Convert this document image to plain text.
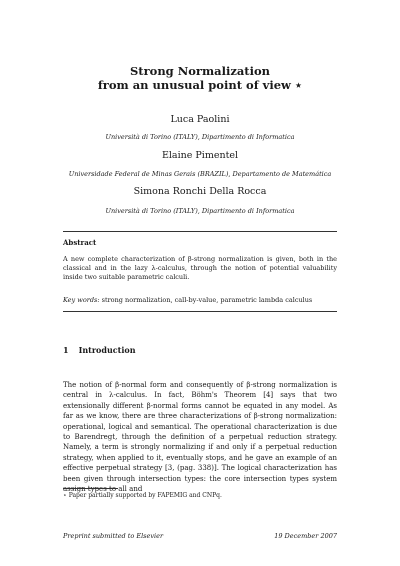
Strong Normalization
from an unusual point of view ⋆
Luca Paolini
Università di Torino (ITALY), Dipartimento di Informatica
Elaine Pimentel
Universidade Federal de Minas Gerais (BRAZIL), Departamento de Matemática
Simona Ronchi Della Rocca
Università di Torino (ITALY), Dipartimento di Informatica
Abstract
A new complete characterization of β-strong normalization is given, both in the classical and in the lazy λ-calculus, through the notion of potential valuability inside two suitable parametric calculi.
Key words: strong normalization, call-by-value, parametric lambda calculus
1 Introduction
The notion of β-normal form and consequently of β-strong normalization is central in λ-calculus. In fact, Böhm's Theorem [4] says that two extensionally different β-normal forms cannot be equated in any model. As far as we know, there are three characterizations of β-strong normalization: operational, logical and semantical. The operational characterization is due to Barendregt, through the definition of a perpetual reduction strategy. Namely, a term is strongly normalizing if and only if a perpetual reduction strategy, when applied to it, eventually stops, and he gave an example of an effective perpetual strategy [3, (pag. 338)]. The logical characterization has been given through intersection types: the core intersection types system assign types to all and
⋆ Paper partially supported by FAPEMIG and CNPq.
Preprint submitted to Elsevier	19 December 2007
